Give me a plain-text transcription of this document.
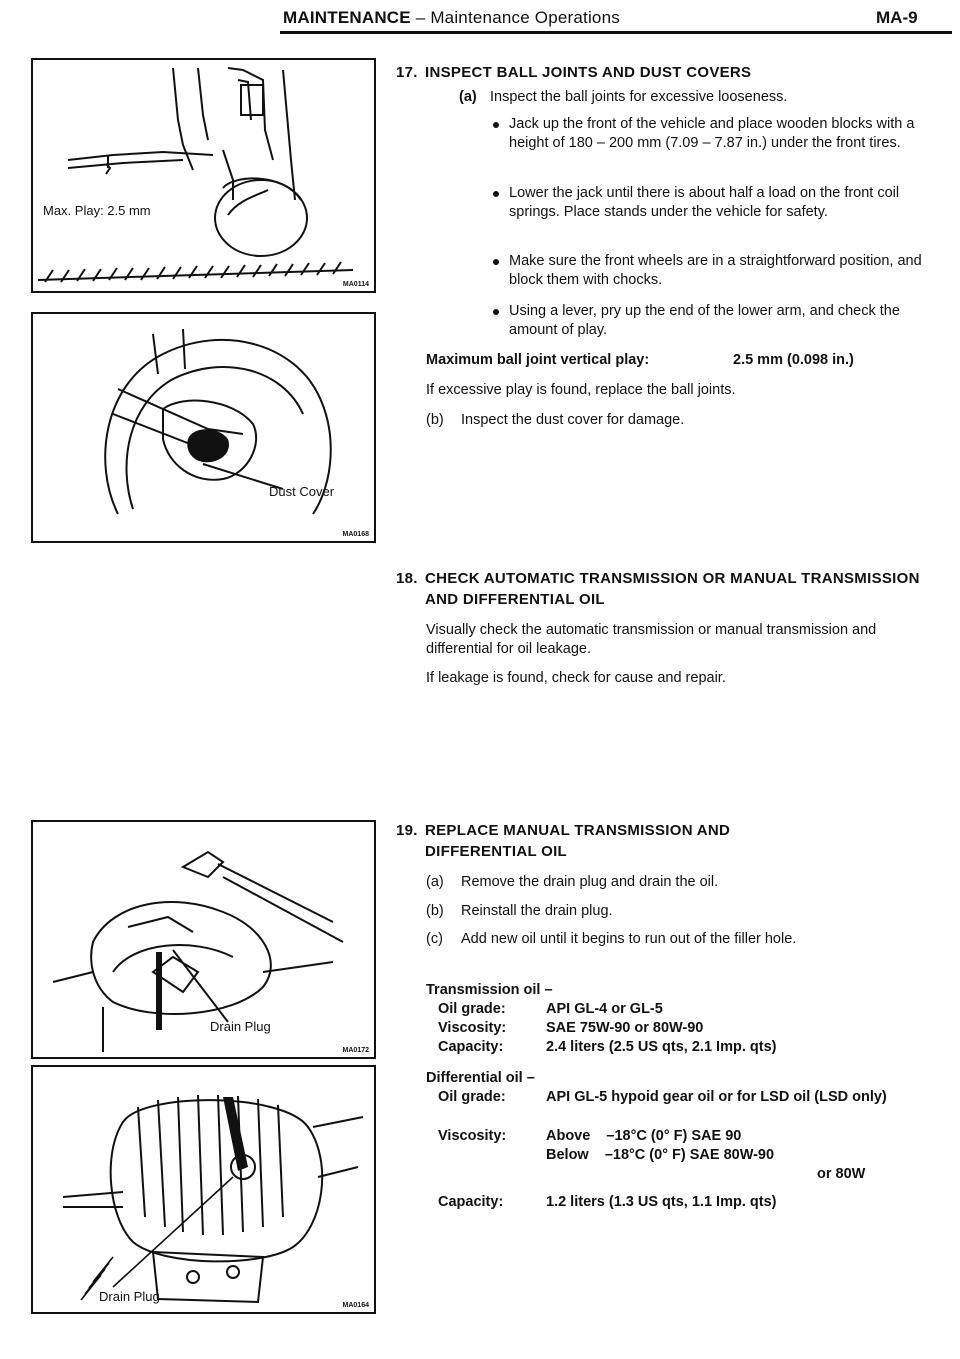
MAINTENANCE – Maintenance Operations	MA-9
Max. Play: 2.5 mm
MA0114
Dust Cover
MA0168
Drain Plug
MA0172
Drain Plug
MA0164
17. INSPECT BALL JOINTS AND DUST COVERS
(a) Inspect the ball joints for excessive looseness.
Jack up the front of the vehicle and place wooden blocks with a height of 180 – 200 mm (7.09 – 7.87 in.) under the front tires.
Lower the jack until there is about half a load on the front coil springs. Place stands under the vehicle for safety.
Make sure the front wheels are in a straightforward position, and block them with chocks.
Using a lever, pry up the end of the lower arm, and check the amount of play.
Maximum ball joint vertical play:	2.5 mm (0.098 in.)
If excessive play is found, replace the ball joints.
(b) Inspect the dust cover for damage.
18. CHECK AUTOMATIC TRANSMISSION OR MANUAL TRANSMISSION AND DIFFERENTIAL OIL
Visually check the automatic transmission or manual transmission and differential for oil leakage.
If leakage is found, check for cause and repair.
19. REPLACE MANUAL TRANSMISSION AND DIFFERENTIAL OIL
(a) Remove the drain plug and drain the oil.
(b) Reinstall the drain plug.
(c) Add new oil until it begins to run out of the filler hole.
Transmission oil –
Oil grade:	API GL-4 or GL-5
Viscosity:	SAE 75W-90 or 80W-90
Capacity:	2.4 liters (2.5 US qts, 2.1 Imp. qts)
Differential oil –
Oil grade:	API GL-5 hypoid gear oil or for LSD oil (LSD only)
Viscosity:	Above    –18°C (0° F) SAE 90
Below    –18°C (0° F) SAE 80W-90
or 80W
Capacity:	1.2 liters (1.3 US qts, 1.1 Imp. qts)
